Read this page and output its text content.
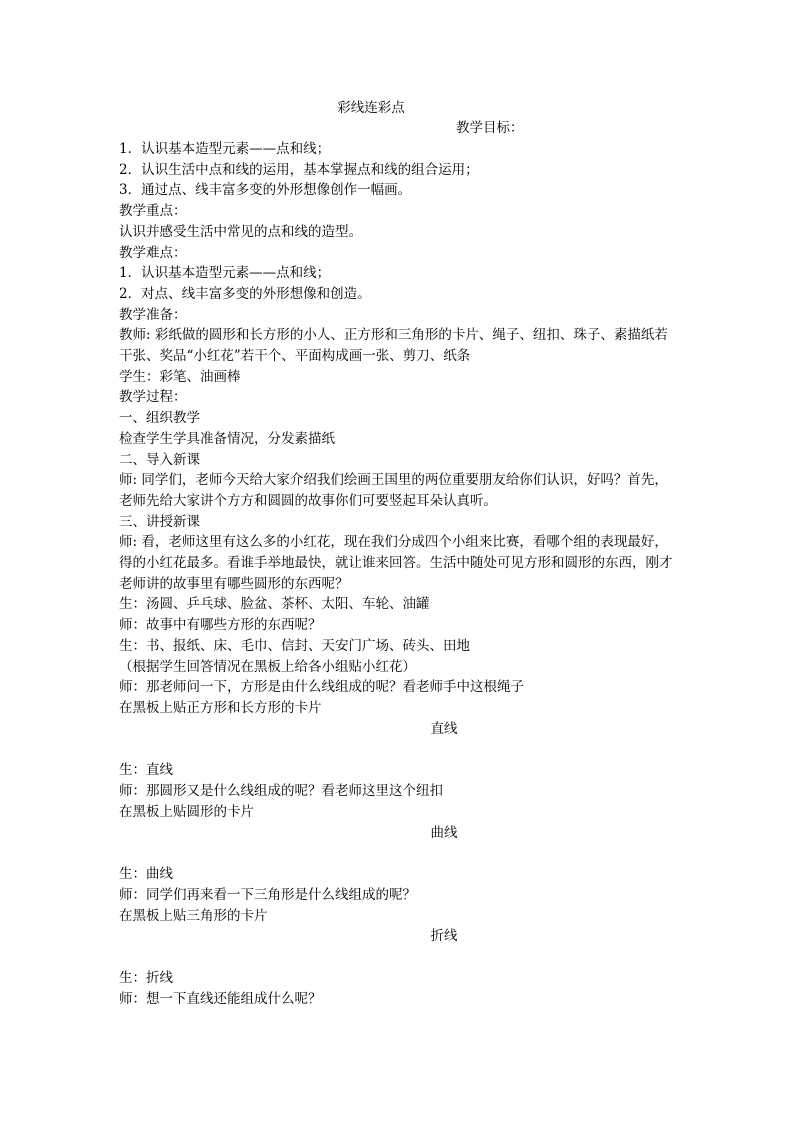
彩线连彩点
教学目标：

1．认识基本造型元素——点和线；

2．认识生活中点和线的运用，基本掌握点和线的组合运用；

3．通过点、线丰富多变的外形想像创作一幅画。

教学重点：

认识并感受生活中常见的点和线的造型。

教学难点：

1．认识基本造型元素——点和线；

2．对点、线丰富多变的外形想像和创造。

教学准备：

教师: 彩纸做的圆形和长方形的小人、正方形和三角形的卡片、绳子、纽扣、珠子、素描纸若干张、奖品“小红花”若干个、平面构成画一张、剪刀、纸条

学生：彩笔、油画棒

教学过程：

一、组织教学

检查学生学具准备情况，分发素描纸

二、导入新课

师: 同学们，老师今天给大家介绍我们绘画王国里的两位重要朋友给你们认识，好吗？首先，老师先给大家讲个方方和圆圆的故事你们可要竖起耳朵认真听。

三、讲授新课

师: 看，老师这里有这么多的小红花，现在我们分成四个小组来比赛，看哪个组的表现最好，得的小红花最多。看谁手举地最快，就让谁来回答。生活中随处可见方形和圆形的东西，刚才老师讲的故事里有哪些圆形的东西呢？

生：汤圆、乒乓球、脸盆、茶杯、太阳、车轮、油罐

师：故事中有哪些方形的东西呢？

生：书、报纸、床、毛巾、信封、天安门广场、砖头、田地

（根据学生回答情况在黑板上给各小组贴小红花）

师：那老师问一下，方形是由什么线组成的呢？看老师手中这根绳子

在黑板上贴正方形和长方形的卡片

直线

生：直线

师：那圆形又是什么线组成的呢？看老师这里这个纽扣

在黑板上贴圆形的卡片

曲线

生：曲线

师：同学们再来看一下三角形是什么线组成的呢？

在黑板上贴三角形的卡片

折线

生：折线

师：想一下直线还能组成什么呢？
